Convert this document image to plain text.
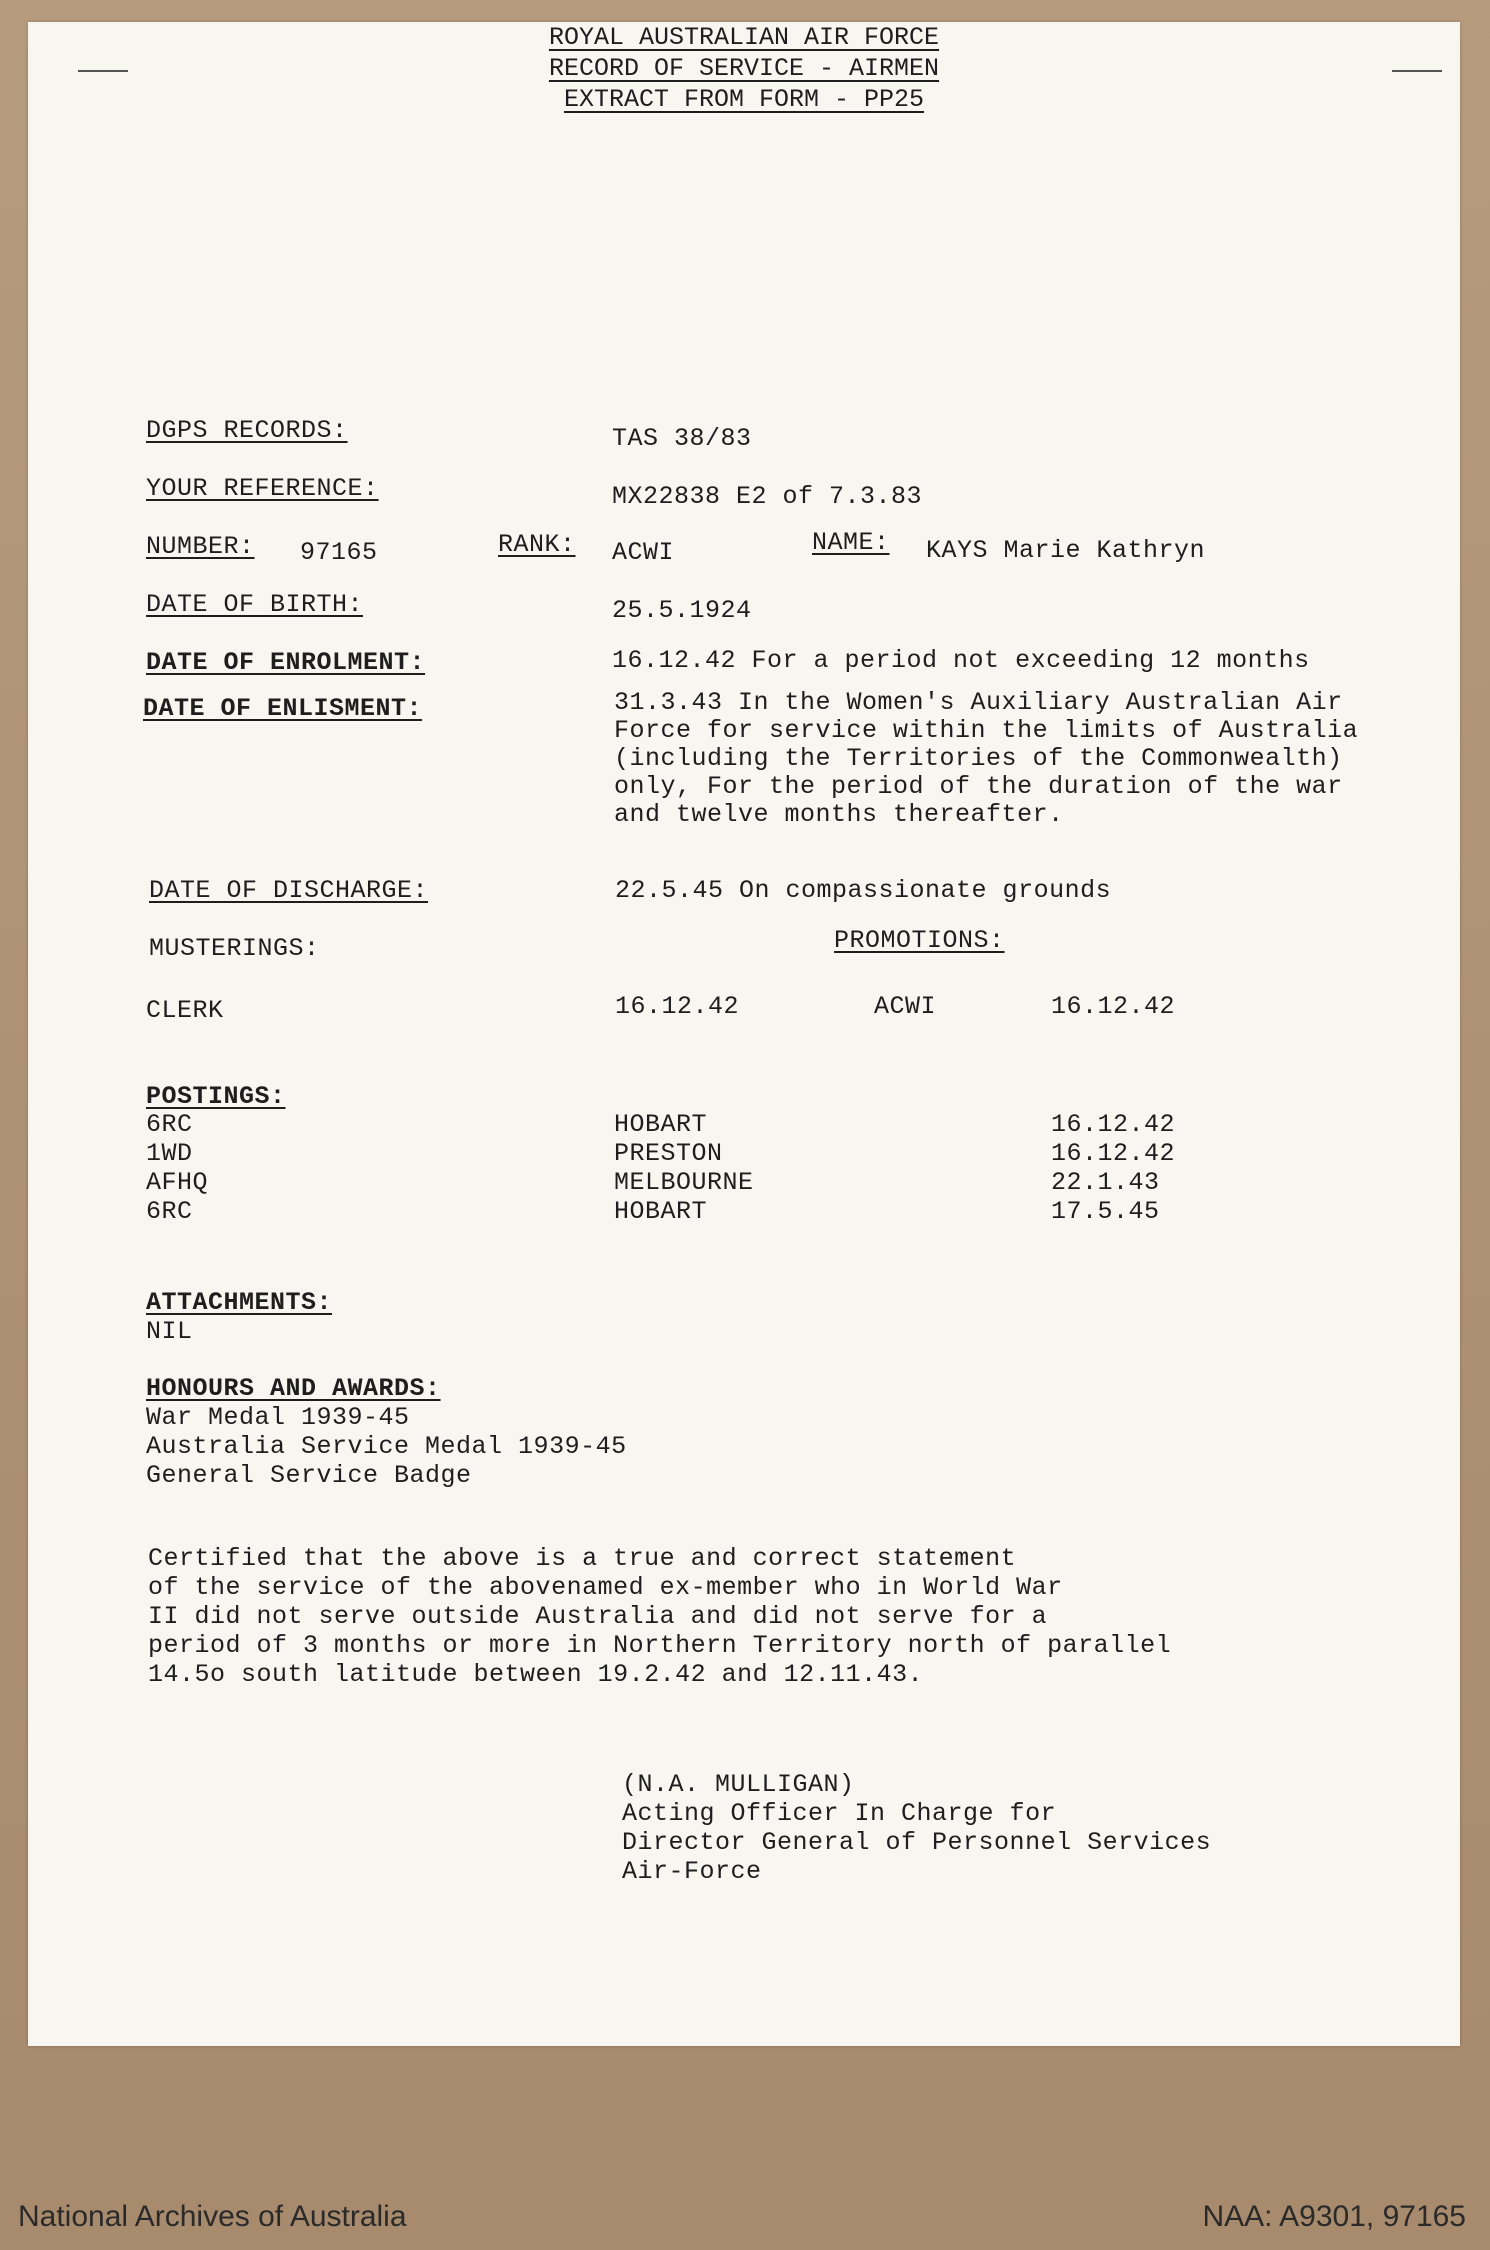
ROYAL AUSTRALIAN AIR FORCE
RECORD OF SERVICE - AIRMEN
EXTRACT FROM FORM - PP25
DGPS RECORDS:	TAS 38/83
YOUR REFERENCE:	MX22838 E2 of 7.3.83
NUMBER: 97165	RANK: ACWI	NAME: KAYS Marie Kathryn
DATE OF BIRTH:	25.5.1924
DATE OF ENROLMENT:	16.12.42 For a period not exceeding 12 months
DATE OF ENLISMENT:	31.3.43 In the Women's Auxiliary Australian Air
Force for service within the limits of Australia
(including the Territories of the Commonwealth)
only, For the period of the duration of the war
and twelve months thereafter.
DATE OF DISCHARGE:	22.5.45 On compassionate grounds
MUSTERINGS:	PROMOTIONS:
CLERK	16.12.42	ACWI	16.12.42
POSTINGS:
6RC	HOBART	16.12.42
1WD	PRESTON	16.12.42
AFHQ	MELBOURNE	22.1.43
6RC	HOBART	17.5.45
ATTACHMENTS:
NIL
HONOURS AND AWARDS:
War Medal 1939-45
Australia Service Medal 1939-45
General Service Badge
Certified that the above is a true and correct statement
of the service of the abovenamed ex-member who in World War
II did not serve outside Australia and did not serve for a
period of 3 months or more in Northern Territory north of parallel
14.5o south latitude between 19.2.42 and 12.11.43.
(N.A. MULLIGAN)
Acting Officer In Charge for
Director General of Personnel Services
Air-Force
National Archives of Australia	NAA: A9301, 97165
